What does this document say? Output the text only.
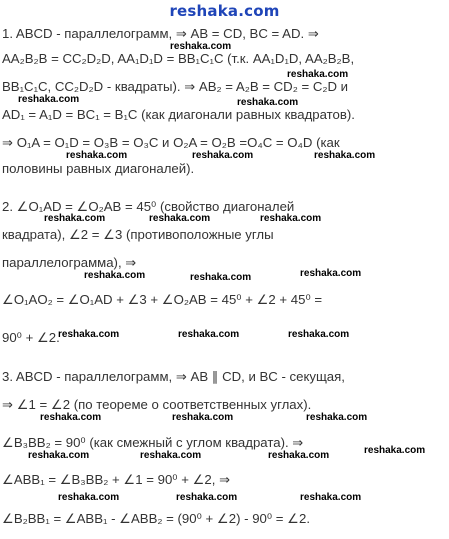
reshaka.com
1. ABCD - параллелограмм, ⇒ AB = CD, BC = AD. ⇒
AA₂B₂B = CC₂D₂D, AA₁D₁D = BB₁C₁C (т.к. AA₁D₁D, AA₂B₂B,
BB₁C₁C, CC₂D₂D - квадраты). ⇒ AB₂ = A₂B = CD₂ = C₂D и
AD₁ = A₁D = BC₁ = B₁C (как диагонали равных квадратов).
⇒ O₁A = O₁D = O₃B = O₃C и O₂A = O₂B =O₄C = O₄D (как
половины равных диагоналей).
2. ∠O₁AD = ∠O₂AB = 45⁰ (свойство диагоналей
квадрата), ∠2 = ∠3 (противоположные углы
параллелограмма), ⇒
∠O₁AO₂ = ∠O₁AD + ∠3 + ∠O₂AB = 45⁰ + ∠2 + 45⁰ =
90⁰ + ∠2.
3. ABCD - параллелограмм, ⇒ AB ∥ CD, и BC - секущая,
⇒ ∠1 = ∠2 (по теореме о соответственных углах).
∠B₃BB₂ = 90⁰ (как смежный с углом квадрата). ⇒
∠ABB₁ = ∠B₃BB₂ + ∠1 = 90⁰ + ∠2, ⇒
∠B₂BB₁ = ∠ABB₁ - ∠ABB₂ = (90⁰ + ∠2) - 90⁰ = ∠2.
reshaka.com
reshaka.com
reshaka.com	reshaka.com
reshaka.com	reshaka.com	reshaka.com
reshaka.com	reshaka.com	reshaka.com
reshaka.com	reshaka.com	reshaka.com
reshaka.com	reshaka.com	reshaka.com
reshaka.com	reshaka.com	reshaka.com
reshaka.com	reshaka.com	reshaka.com	reshaka.com
reshaka.com	reshaka.com	reshaka.com
